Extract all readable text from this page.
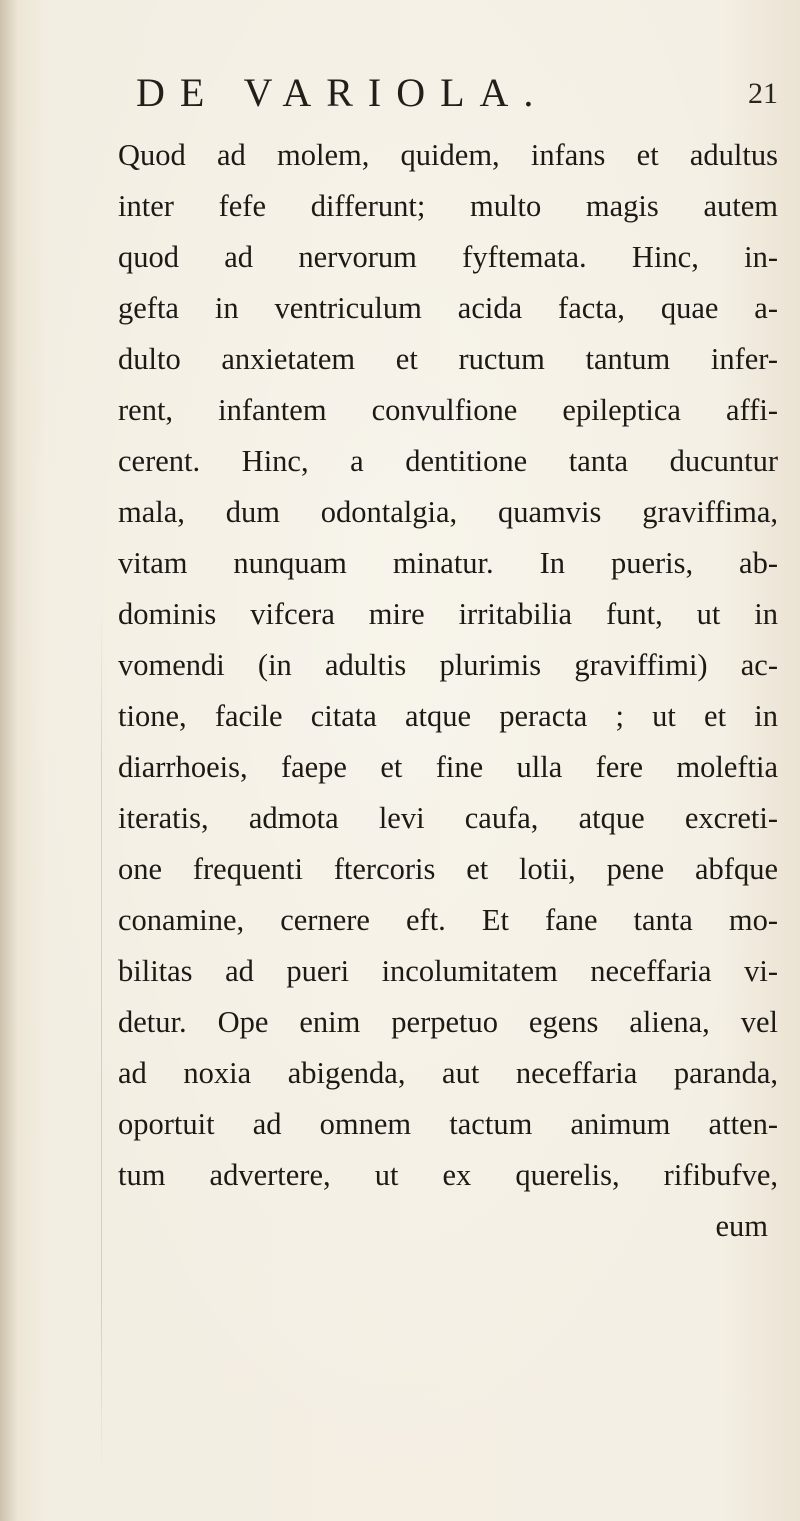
DE VARIOLA.	21
Quod ad molem, quidem, infans et adultus
inter fefe differunt; multo magis autem
quod ad nervorum fyftemata. Hinc, in-
gefta in ventriculum acida facta, quae a-
dulto anxietatem et ructum tantum infer-
rent, infantem convulfione epileptica affi-
cerent. Hinc, a dentitione tanta ducuntur
mala, dum odontalgia, quamvis graviffima,
vitam nunquam minatur. In pueris, ab-
dominis vifcera mire irritabilia funt, ut in
vomendi (in adultis plurimis graviffimi) ac-
tione, facile citata atque peracta ; ut et in
diarrhoeis, faepe et fine ulla fere moleftia
iteratis, admota levi caufa, atque excreti-
one frequenti ftercoris et lotii, pene abfque
conamine, cernere eft. Et fane tanta mo-
bilitas ad pueri incolumitatem neceffaria vi-
detur. Ope enim perpetuo egens aliena, vel
ad noxia abigenda, aut neceffaria paranda,
oportuit ad omnem tactum animum atten-
tum advertere, ut ex querelis, rifibufve,
eum
